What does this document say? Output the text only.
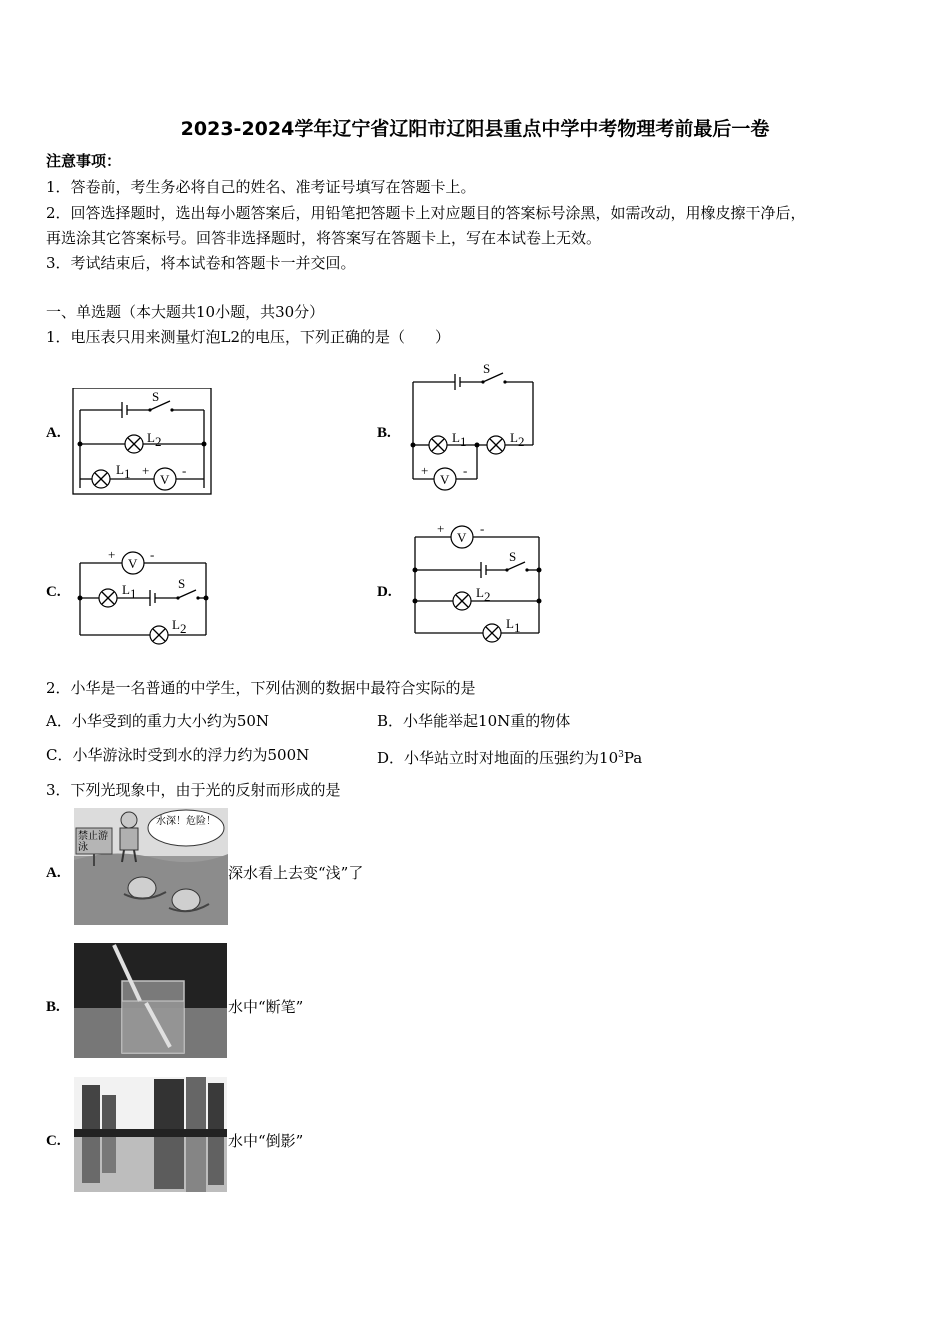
2023-2024学年辽宁省辽阳市辽阳县重点中学中考物理考前最后一卷
注意事项：
1．答卷前，考生务必将自己的姓名、准考证号填写在答题卡上。
2．回答选择题时，选出每小题答案后，用铅笔把答题卡上对应题目的答案标号涂黑，如需改动，用橡皮擦干净后，
再选涂其它答案标号。回答非选择题时，将答案写在答题卡上，写在本试卷上无效。
3．考试结束后，将本试卷和答题卡一并交回。
一、单选题（本大题共10小题，共30分）
1．电压表只用来测量灯泡L2的电压，下列正确的是（　　）
A.	B.
C.	D.
S
L 2
L 1 +
V
-
S
L 1	L 2
+
V
-
+
V
-
L 1
S
L 2
+
V
-
S
L 2
L 1
2．小华是一名普通的中学生，下列估测的数据中最符合实际的是
A．小华受到的重力大小约为50N	B．小华能举起10N重的物体
C．小华游泳时受到水的浮力约为500N	D．小华站立时对地面的压强约为$10^3Pa$
3．下列光现象中，由于光的反射而形成的是
A.
禁止游泳
水深！危险！
深水看上去变“浅”了
B.	水中“断笔”
C.	水中“倒影”
